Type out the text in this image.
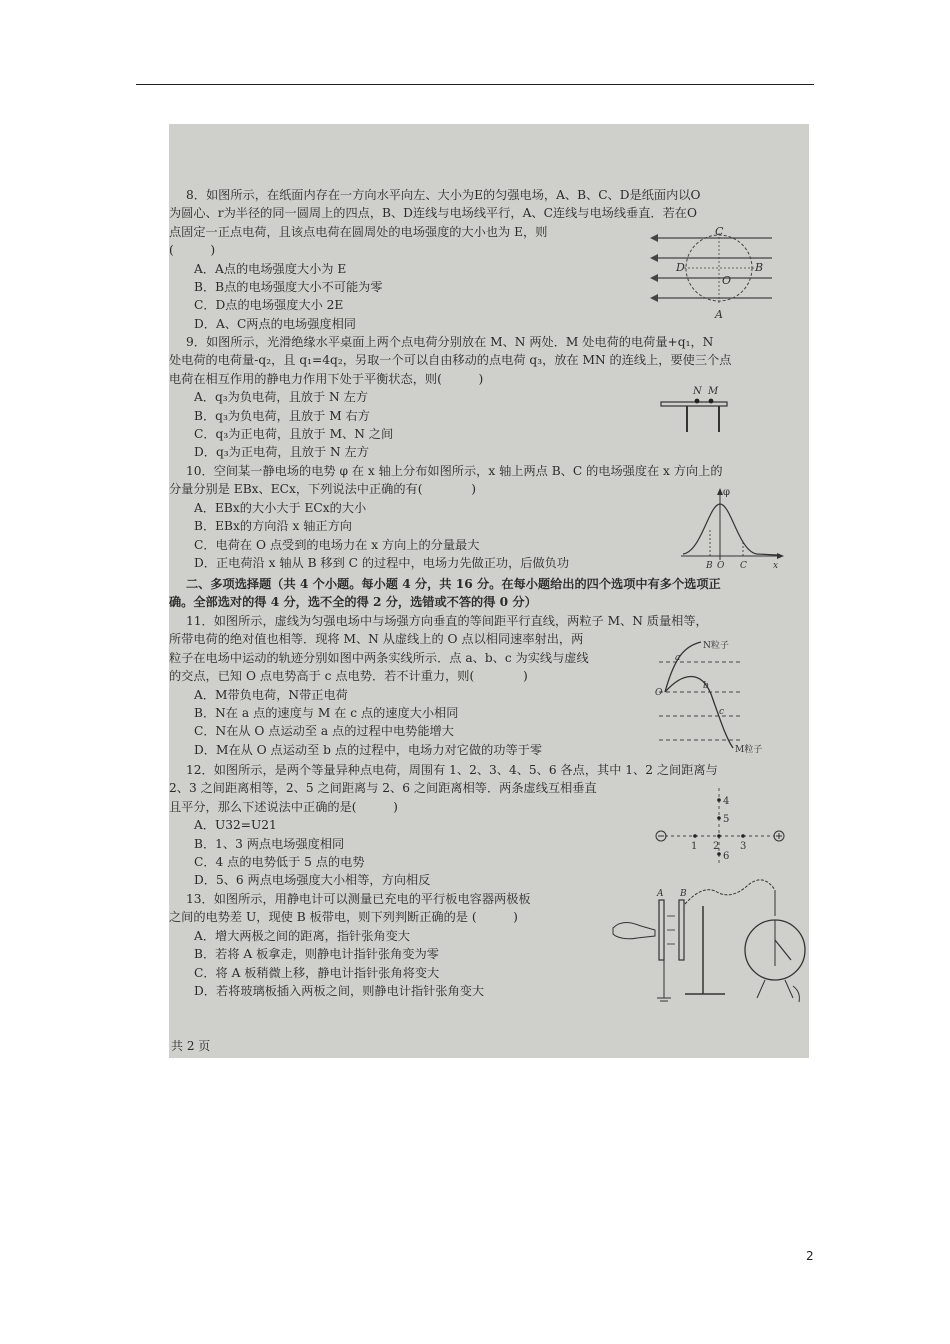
8．如图所示，在纸面内存在一方向水平向左、大小为E的匀强电场，A、B、C、D是纸面内以O

为圆心、r为半径的同一圆周上的四点，B、D连线与电场线平行，A、C连线与电场线垂直．若在O

点固定一正点电荷，且该点电荷在圆周处的电场强度的大小也为 E，则

(　　　)

A．A点的电场强度大小为 E

B．B点的电场强度大小不可能为零

C．D点的电场强度大小 2E

D．A、C两点的电场强度相同

C
D	B
O
A

9．如图所示，光滑绝缘水平桌面上两个点电荷分别放在 M、N 两处．M 处电荷的电荷量+q₁，N

处电荷的电荷量-q₂，且 q₁=4q₂，另取一个可以自由移动的点电荷 q₃，放在 MN 的连线上，要使三个点

电荷在相互作用的静电力作用下处于平衡状态，则(　　　)

A．q₃为负电荷，且放于 N 左方

B．q₃为负电荷，且放于 M 右方

C．q₃为正电荷，且放于 M、N 之间

D．q₃为正电荷，且放于 N 左方

N M

10．空间某一静电场的电势 φ 在 x 轴上分布如图所示，x 轴上两点 B、C 的电场强度在 x 方向上的

分量分别是 EBx、ECx，下列说法中正确的有(　　　　)

A．EBx的大小大于 ECx的大小

B．EBx的方向沿 x 轴正方向

C．电荷在 O 点受到的电场力在 x 方向上的分量最大

D．正电荷沿 x 轴从 B 移到 C 的过程中，电场力先做正功，后做负功

φ
B O C	x

二、多项选择题（共 4 个小题。每小题 4 分，共 16 分。在每小题给出的四个选项中有多个选项正

确。全部选对的得 4 分，选不全的得 2 分，选错或不答的得 0 分）

11．如图所示，虚线为匀强电场中与场强方向垂直的等间距平行直线，两粒子 M、N 质量相等，

所带电荷的绝对值也相等．现将 M、N 从虚线上的 O 点以相同速率射出，两

粒子在电场中运动的轨迹分别如图中两条实线所示．点 a、b、c 为实线与虚线

的交点，已知 O 点电势高于 c 点电势．若不计重力，则(　　　　)

A．M带负电荷，N带正电荷

B．N在 a 点的速度与 M 在 c 点的速度大小相同

C．N在从 O 点运动至 a 点的过程中电势能增大

D．M在从 O 点运动至 b 点的过程中，电场力对它做的功等于零

N粒子
a
O
b
c
M粒子

12．如图所示，是两个等量异种点电荷，周围有 1、2、3、4、5、6 各点，其中 1、2 之间距离与

2、3 之间距离相等，2、5 之间距离与 2、6 之间距离相等．两条虚线互相垂直

且平分，那么下述说法中正确的是(　　　)

A．U32=U21

B．1、3 两点电场强度相同

C．4 点的电势低于 5 点的电势

D．5、6 两点电场强度大小相等，方向相反

4
5
1 2 3
6

13．如图所示，用静电计可以测量已充电的平行板电容器两极板

之间的电势差 U，现使 B 板带电，则下列判断正确的是 (　　　)

A．增大两极之间的距离，指针张角变大

B．若将 A 板拿走，则静电计指针张角变为零

C．将 A 板稍微上移，静电计指针张角将变大

D．若将玻璃板插入两板之间，则静电计指针张角变大

A B
共 2 页
2
